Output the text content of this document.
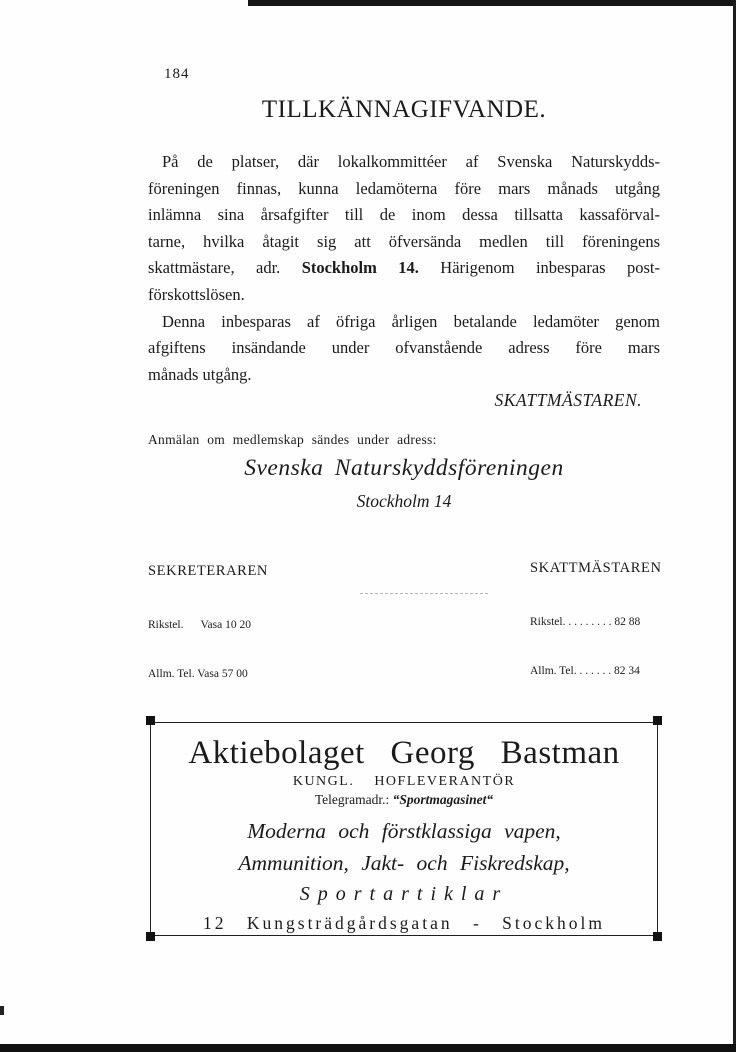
184
TILLKÄNNAGIFVANDE.
På de platser, där lokalkommittéer af Svenska Naturskydds-
föreningen finnas, kunna ledamöterna före mars månads utgång
inlämna sina årsafgifter till de inom dessa tillsatta kassaförval-
tarne, hvilka åtagit sig att öfversända medlen till föreningens
skattmästare, adr. Stockholm 14. Härigenom inbesparas post-
förskottslösen.
Denna inbesparas af öfriga årligen betalande ledamöter genom
afgiftens insändande under ofvanstående adress före mars
månads utgång.
SKATTMÄSTAREN.
Anmälan om medlemskap sändes under adress:
Svenska Naturskyddsföreningen
Stockholm 14

SEKRETERAREN

Rikstel.      Vasa 10 20

Allm. Tel. Vasa 57 00

SKATTMÄSTAREN

Rikstel. . . . . . . . . 82 88

Allm. Tel. . . . . . . 82 34

Aktiebolaget Georg Bastman
KUNGL.    HOFLEVERANTÖR
Telegramadr.: “Sportmagasinet“
Moderna och förstklassiga vapen,
Ammunition, Jakt- och Fiskredskap,
Sportartiklar
12 Kungsträdgårdsgatan - Stockholm
